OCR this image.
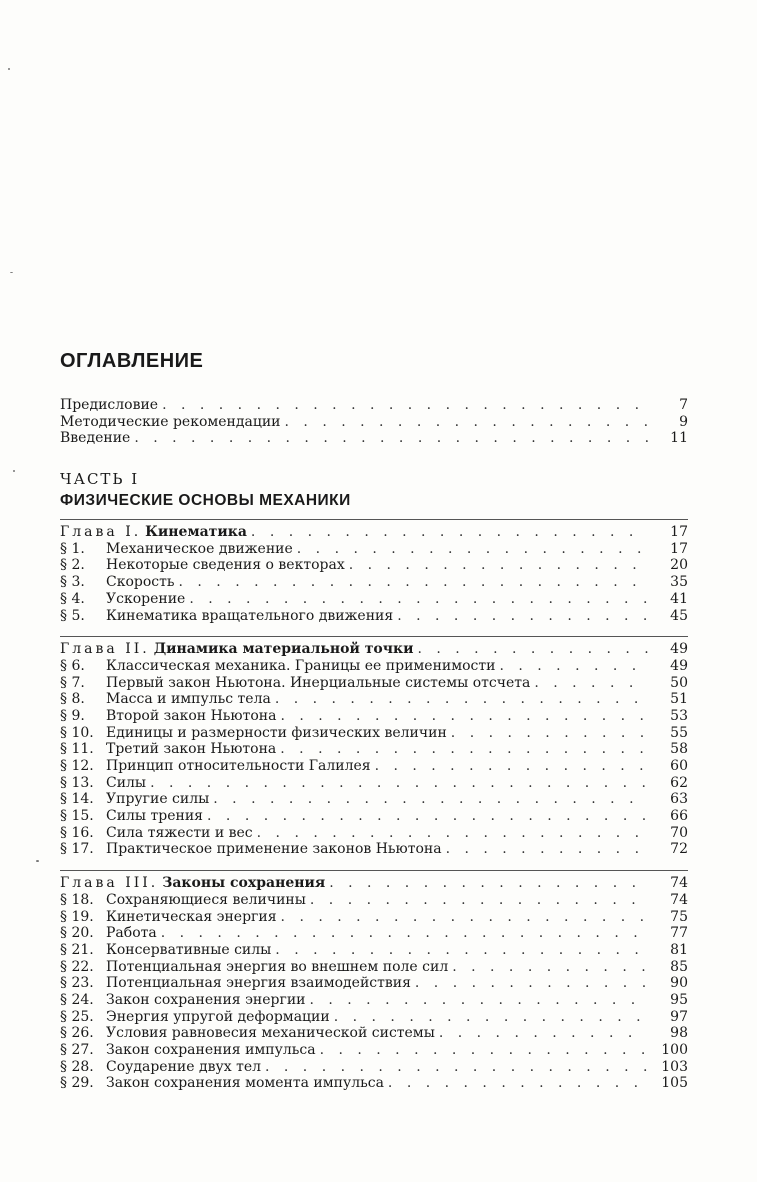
ОГЛАВЛЕНИЕ
Предисловие . . .	7
Методические рекомендации . . .	9
Введение . . .	11
ЧАСТЬ I
ФИЗИЧЕСКИЕ ОСНОВЫ МЕХАНИКИ
Глава I. Кинематика . . .	17
§ 1.	Механическое движение . . .	17
§ 2.	Некоторые сведения о векторах . . .	20
§ 3.	Скорость . . .	35
§ 4.	Ускорение . . .	41
§ 5.	Кинематика вращательного движения . . .	45
Глава II. Динамика материальной точки . . .	49
§ 6.	Классическая механика. Границы ее применимости . . .	49
§ 7.	Первый закон Ньютона. Инерциальные системы отсчета . . .	50
§ 8.	Масса и импульс тела . . .	51
§ 9.	Второй закон Ньютона . . .	53
§ 10. Единицы и размерности физических величин . . .	55
§ 11. Третий закон Ньютона . . .	58
§ 12. Принцип относительности Галилея . . .	60
§ 13. Силы . . .	62
§ 14. Упругие силы . . .	63
§ 15. Силы трения . . .	66
§ 16. Сила тяжести и вес . . .	70
§ 17. Практическое применение законов Ньютона . . .	72
Глава III. Законы сохранения . . .	74
§ 18. Сохраняющиеся величины . . .	74
§ 19. Кинетическая энергия . . .	75
§ 20. Работа . . .	77
§ 21. Консервативные силы . . .	81
§ 22. Потенциальная энергия во внешнем поле сил . . .	85
§ 23. Потенциальная энергия взаимодействия . . .	90
§ 24. Закон сохранения энергии . . .	95
§ 25. Энергия упругой деформации . . .	97
§ 26. Условия равновесия механической системы . . .	98
§ 27. Закон сохранения импульса . . .	100
§ 28. Соударение двух тел . . .	103
§ 29. Закон сохранения момента импульса . . .	105
